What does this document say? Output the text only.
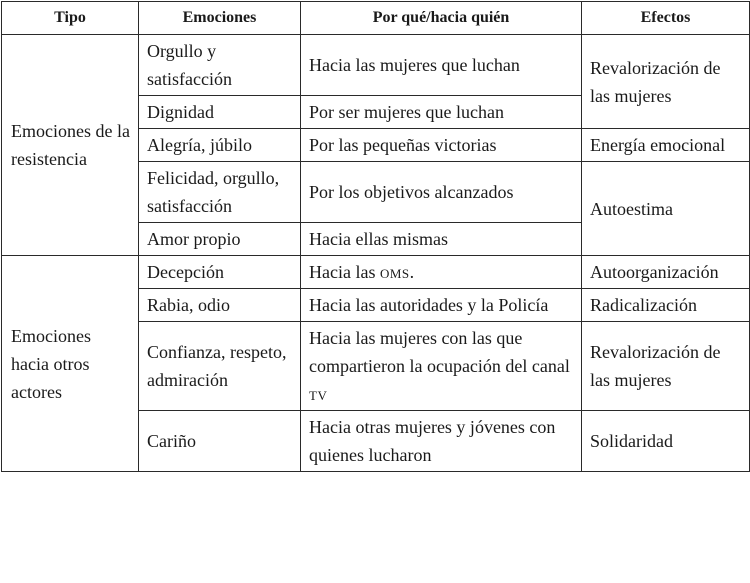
Tipo	Emociones	Por qué/hacia quién	Efectos
Emociones de la resistencia	Orgullo y satisfacción	Hacia las mujeres que luchan	Revalorización de las mujeres
	Dignidad	Por ser mujeres que luchan	
	Alegría, júbilo	Por las pequeñas victorias	Energía emocional
	Felicidad, orgullo, satisfacción	Por los objetivos alcanzados	Autoestima
	Amor propio	Hacia ellas mismas	
Emociones hacia otros actores	Decepción	Hacia las oms.	Autoorganización
	Rabia, odio	Hacia las autoridades y la Policía	Radicalización
	Confianza, respeto, admiración	Hacia las mujeres con las que compartieron la ocupación del canal tv	Revalorización de las mujeres
	Cariño	Hacia otras mujeres y jóvenes con quienes lucharon	Solidaridad
